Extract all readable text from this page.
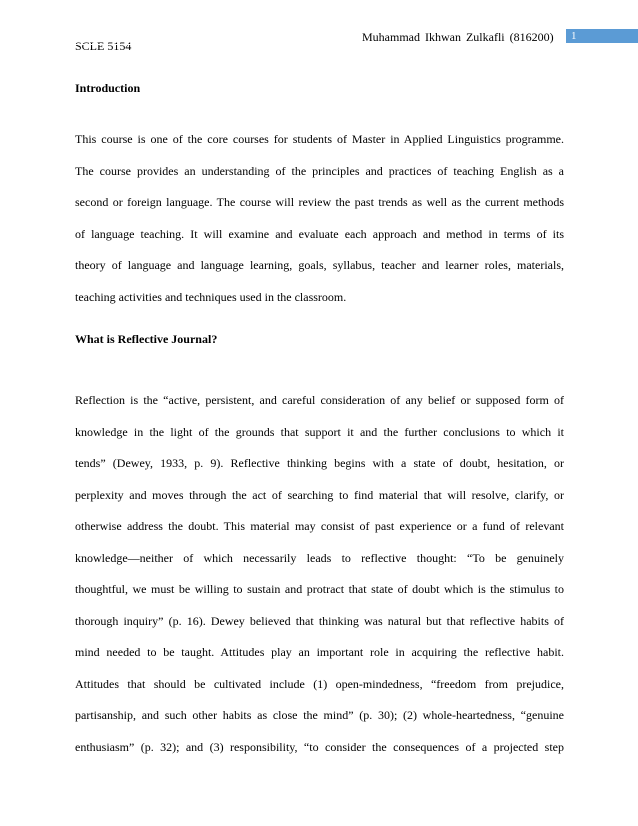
SCLE 5154
Muhammad Ikhwan Zulkafli (816200)	1
Introduction
This course is one of the core courses for students of Master in Applied Linguistics programme.
The course provides an understanding of the principles and practices of teaching English as a
second or foreign language. The course will review the past trends as well as the current methods
of language teaching. It will examine and evaluate each approach and method in terms of its
theory of language and language learning, goals, syllabus, teacher and learner roles, materials,
teaching activities and techniques used in the classroom.
What is Reflective Journal?
Reflection is the “active, persistent, and careful consideration of any belief or supposed form of
knowledge in the light of the grounds that support it and the further conclusions to which it
tends” (Dewey, 1933, p. 9). Reflective thinking begins with a state of doubt, hesitation, or
perplexity and moves through the act of searching to find material that will resolve, clarify, or
otherwise address the doubt. This material may consist of past experience or a fund of relevant
knowledge—neither of which necessarily leads to reflective thought: “To be genuinely
thoughtful, we must be willing to sustain and protract that state of doubt which is the stimulus to
thorough inquiry” (p. 16). Dewey believed that thinking was natural but that reflective habits of
mind needed to be taught. Attitudes play an important role in acquiring the reflective habit.
Attitudes that should be cultivated include (1) open-mindedness, “freedom from prejudice,
partisanship, and such other habits as close the mind” (p. 30); (2) whole-heartedness, “genuine
enthusiasm” (p. 32); and (3) responsibility, “to consider the consequences of a projected step
